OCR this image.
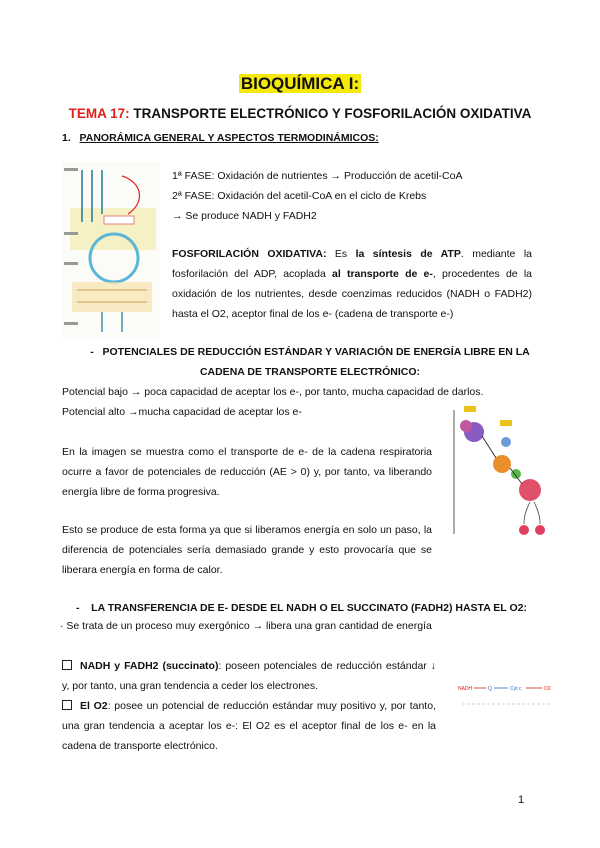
BIOQUÍMICA I:
TEMA 17: TRANSPORTE ELECTRÓNICO Y FOSFORILACIÓN OXIDATIVA
1. PANORÁMICA GENERAL Y ASPECTOS TERMODINÁMICOS:
1ª FASE: Oxidación de nutrientes → Producción de acetil-CoA
2ª FASE: Oxidación del acetil-CoA en el ciclo de Krebs
→ Se produce NADH y FADH2
FOSFORILACIÓN OXIDATIVA: Es la síntesis de ATP. mediante la fosforilación del ADP, acoplada al transporte de e-, procedentes de la oxidación de los nutrientes, desde coenzimas reducidos (NADH o FADH2) hasta el O2, aceptor final de los e- (cadena de transporte e-)
- POTENCIALES DE REDUCCIÓN ESTÁNDAR Y VARIACIÓN DE ENERGÍA LIBRE EN LA
CADENA DE TRANSPORTE ELECTRÓNICO:
Potencial bajo → poca capacidad de aceptar los e-, por tanto, mucha capacidad de darlos.
Potencial alto →mucha capacidad de aceptar los e-
En la imagen se muestra como el transporte de e- de la cadena respiratoria ocurre a favor de potenciales de reducción (AE > 0) y, por tanto, va liberando energía libre de forma progresiva.
Esto se produce de esta forma ya que si liberamos energía en solo un paso, la diferencia de potenciales sería demasiado grande y esto provocaría que se liberara energía en forma de calor.
- LA TRANSFERENCIA DE E- DESDE EL NADH O EL SUCCINATO (FADH2) HASTA EL O2:
· Se trata de un proceso muy exergónico → libera una gran cantidad de energía
NADH y FADH2 (succinato): poseen potenciales de reducción estándar ↓ y, por tanto, una gran tendencia a ceder los electrones.
El O2: posee un potencial de reducción estándar muy positivo y, por tanto, una gran tendencia a aceptar los e-: El O2 es el aceptor final de los e- en la cadena de transporte electrónico.
NADH	Q	Cyt c	O2
1
